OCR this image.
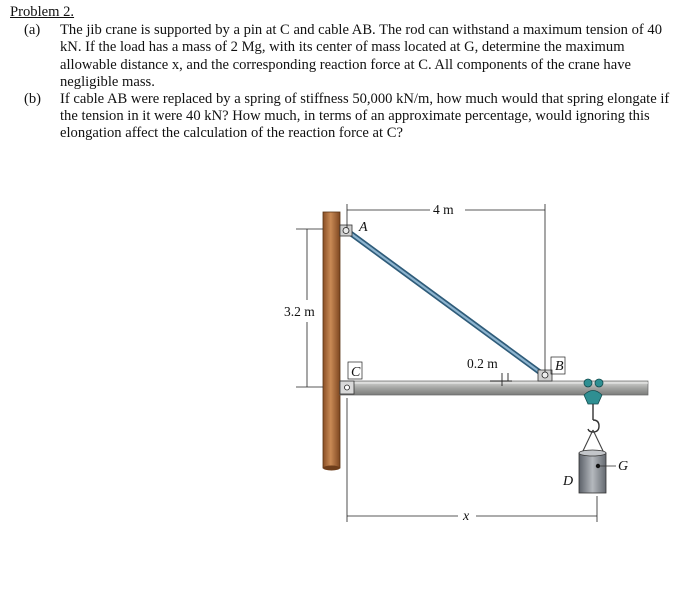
Problem 2.
(a) The jib crane is supported by a pin at C and cable AB. The rod can withstand a maximum tension of 40 kN. If the load has a mass of 2 Mg, with its center of mass located at G, determine the maximum allowable distance x, and the corresponding reaction force at C. All components of the crane have negligible mass.
(b) If cable AB were replaced by a spring of stiffness 50,000 kN/m, how much would that spring elongate if the tension in it were 40 kN? How much, in terms of an approximate percentage, would ignoring this elongation affect the calculation of the reaction force at C?
4 m
3.2 m
x
0.2 m
A
B
C
D
G
